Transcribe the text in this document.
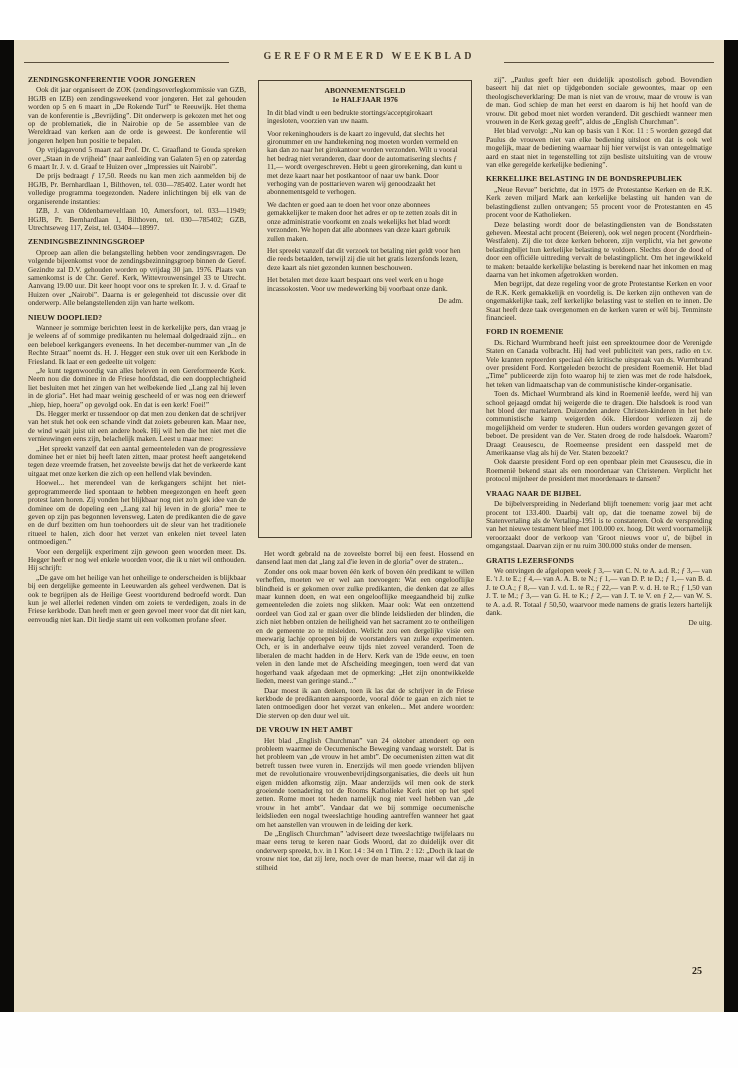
GEREFORMEERD WEEKBLAD
ZENDINGSKONFERENTIE VOOR JONGEREN

Ook dit jaar organiseert de ZOK (zendingsoverlegkommissie van GZB, HGJB en IZB) een zendingsweekend voor jongeren. Het zal gehouden worden op 5 en 6 maart in „De Rokende Turf” te Reeuwijk. Het thema van de konferentie is „Bevrijding”. Dit onderwerp is gekozen met het oog op de problematiek, die in Nairobie op de 5e assemblee van de Wereldraad van kerken aan de orde is geweest. De konferentie wil jongeren helpen hun positie te bepalen.

Op vrijdagavond 5 maart zal Prof. Dr. C. Graafland te Gouda spreken over „Staan in de vrijheid” (naar aanleiding van Galaten 5) en op zaterdag 6 maart Ir. J. v. d. Graaf te Huizen over „Impressies uit Nairobi”.

De prijs bedraagt ƒ 17,50. Reeds nu kan men zich aanmelden bij de HGJB, Pr. Bernhardlaan 1, Bilthoven, tel. 030—785402. Later wordt het volledige programma toegezonden. Nadere inlichtingen bij elk van de organiserende instanties:

IZB, J. van Oldenbarneveltlaan 10, Amersfoort, tel. 033—11949; HGJB, Pr. Bernhardlaan 1, Bilthoven, tel. 030—785402; GZB, Utrechtseweg 117, Zeist, tel. 03404—18997.

ZENDINGSBEZINNINGSGROEP

Oproep aan allen die belangstelling hebben voor zendingsvragen. De volgende bijeenkomst voor de zendingsbezinningsgroep binnen de Geref. Gezindte zal D.V. gehouden worden op vrijdag 30 jan. 1976. Plaats van samenkomst is de Chr. Geref. Kerk, Wittevrouwensingel 33 te Utrecht. Aanvang 19.00 uur. Dit keer hoopt voor ons te spreken Ir. J. v. d. Graaf te Huizen over „Nairobi”. Daarna is er gelegenheid tot discussie over dit onderwerp. Alle belangstellenden zijn van harte welkom.

NIEUW DOOPLIED?

Wanneer je sommige berichten leest in de kerkelijke pers, dan vraag je je weleens af of sommige predikanten nu helemaal dolgedraaid zijn... en een beleboel kerkgangers eveneens. In het december-nummer van „In de Rechte Straat” noemt ds. H. J. Hegger een stuk over uit een Kerkbode in Friesland. Ik laat er een gedeelte uit volgen:

„Je kunt tegenwoordig van alles beleven in een Gereformeerde Kerk. Neem nou die dominee in de Friese hoofdstad, die een doopplechtigheid liet besluiten met het zingen van het welbekende lied „Lang zal hij leven in de gloria”. Het had maar weinig gescheeld of er was nog een driewerf „hiep, hiep, hoera” op gevolgd ook. En dat is een kerk! Foei!”

Ds. Hegger merkt er tussendoor op dat men zou denken dat de schrijver van het stuk het ook een schande vindt dat zoiets gebeuren kan. Maar nee, de wind waait juist uit een andere hoek. Hij wil hen die het niet met die vernieuwingen eens zijn, belachelijk maken. Leest u maar mee:

„Het spreekt vanzelf dat een aantal gemeenteleden van de progressieve dominee het er niet bij heeft laten zitten, maar protest heeft aangetekend tegen deze vreemde fratsen, het zoveelste bewijs dat het de verkeerde kant uitgaat met onze kerken die zich op een hellend vlak bevinden.

Hoewel... het merendeel van de kerkgangers schijnt het niet-geprogrammeerde lied spontaan te hebben meegezongen en heeft geen protest laten horen. Zij vonden het blijkbaar nog niet zo'n gek idee van de dominee om de dopeling een „Lang zal hij leven in de gloria” mee te geven op zijn pas begonnen levensweg. Laten de predikanten die de gave en de durf bezitten om hun toehoorders uit de sleur van het traditionele ritueel te halen, zich door het verzet van enkelen niet teveel laten ontmoedigen.”

Voor een dergelijk experiment zijn gewoon geen woorden meer. Ds. Hegger heeft er nog wel enkele woorden voor, die ik u niet wil onthouden. Hij schrijft:

„De gave om het heilige van het onheilige te onderscheiden is blijkbaar bij een dergelijke gemeente in Leeuwarden als geheel verdwenen. Dat is ook te begrijpen als de Heilige Geest voortdurend bedroefd wordt. Dan kun je wel allerlei redenen vinden om zoiets te verdedigen, zoals in de Friese kerkbode. Dan heeft men er geen gevoel meer voor dat dit niet kan, eenvoudig niet kan. Dit liedje stamt uit een volkomen profane sfeer.

ABONNEMENTSGELD
1e HALFJAAR 1976

In dit blad vindt u een bedrukte stortings/acceptgirokaart ingesloten, voorzien van uw naam.

Voor rekeninghouders is de kaart zo ingevuld, dat slechts het gironummer en uw handtekening nog moeten worden vermeld en kan dan zo naar het girokantoor worden verzonden. Wilt u vooral het bedrag niet veranderen, daar door de automatisering slechts ƒ 11,— wordt overgeschreven. Hebt u geen girorekening, dan kunt u met deze kaart naar het postkantoor of naar uw bank. Door verhoging van de posttarieven waren wij genoodzaakt het abonnementsgeld te verhogen.

We dachten er goed aan te doen het voor onze abonnees gemakkelijker te maken door het adres er op te zetten zoals dit in onze administratie voorkomt en zoals wekelijks het blad wordt verzonden. We hopen dat alle abonnees van deze kaart gebruik zullen maken.

Het spreekt vanzelf dat dit verzoek tot betaling niet geldt voor hen die reeds betaalden, terwijl zij die uit het gratis lezersfonds lezen, deze kaart als niet gezonden kunnen beschouwen.

Het betalen met deze kaart bespaart ons veel werk en u hoge incassokosten. Voor uw medewerking bij voorbaat onze dank.

De adm.

Het wordt gebrald na de zoveelste borrel bij een feest. Hossend en dansend laat men dat „lang zal d'ie leven in de gloria” over de straten...

Zonder ons ook maar boven één kerk of boven één predikant te willen verheffen, moeten we er wel aan toevoegen: Wat een ongelooflijke blindheid is er gekomen over zulke predikanten, die denken dat ze alles maar kunnen doen, en wat een ongelooflijke meegaandheid bij zulke gemeenteleden die zoiets nog slikken. Maar ook: Wat een ontzettend oordeel van God zal er gaan over die blinde leidslieden der blinden, die zich niet hebben ontzien de heiligheid van het sacrament zo te ontheiligen en de gemeente zo te misleiden. Welicht zou een dergelijke visie een meewarig lachje oproepen bij de voorstanders van zulke experimenten. Och, er is in anderhalve eeuw tijds niet zoveel veranderd. Toen de liberalen de macht hadden in de Herv. Kerk van de 19de eeuw, en toen velen in den lande met de Afscheiding meegingen, toen werd dat van hogerhand vaak afgedaan met de opmerking: „Het zijn onontwikkelde lieden, meest van geringe stand...”

Daar moest ik aan denken, toen ik las dat de schrijver in de Friese kerkbode de predikanten aanspoorde, vooral dóór te gaan en zich niet te laten ontmoedigen door het verzet van enkelen... Met andere woorden: Die sterven op den duur wel uit.

DE VROUW IN HET AMBT

Het blad „English Churchman” van 24 oktober attendeert op een probleem waarmee de Oecumenische Beweging vandaag worstelt. Dat is het probleem van „de vrouw in het ambt”. De oecumenisten zitten wat dit betreft tussen twee vuren in. Enerzijds wil men goede vrienden blijven met de revolutionaire vrouwenbevrijdingsorganisaties, die deels uit hun eigen midden afkomstig zijn. Maar anderzijds wil men ook de sterk groeiende toenadering tot de Rooms Katholieke Kerk niet op het spel zetten. Rome moet tot heden namelijk nog niet veel hebben van „de vrouw in het ambt”. Vandaar dat we bij sommige oecumenische leidslieden een nogal tweeslachtige houding aantreffen wanneer het gaat om het aanstellen van vrouwen in de leiding der kerk.

De „Englisch Churchman” 'adviseert deze tweeslachtige twijfelaars nu maar eens terug te keren naar Gods Woord, dat zo duidelijk over dit onderwerp spreekt, b.v. in 1 Kor. 14 : 34 en 1 Tim. 2 : 12: „Doch ik laat de vrouw niet toe, dat zij lere, noch over de man heerse, maar wil dat zij in stilheid

zij”. „Paulus geeft hier een duidelijk apostolisch gebod. Bovendien baseert hij dat niet op tijdgebonden sociale gewoontes, maar op een theologischeverklaring: De man is niet van de vrouw, maar de vrouw is van de man. God schiep de man het eerst en daarom is hij het hoofd van de vrouw. Dit gebod moet niet worden veranderd. Dit geschiedt wanneer men vrouwen in de Kerk gezag geeft”, aldus de „English Churchman”.

Het blad vervolgt: „Nu kan op basis van 1 Kor. 11 : 5 worden gezegd dat Paulus de vrouwen niet van elke bediening uitsloot en dat is ook wel mogelijk, maar de bediening waarnaar hij hier verwijst is van ontegelmatige aard en staat niet in tegenstelling tot zijn besliste uitsluiting van de vrouw van elke geregelde kerkelijke bediening”.

KERKELIJKE BELASTING IN DE BONDSREPUBLIEK

„Neue Revue” berichtte, dat in 1975 de Protestantse Kerken en de R.K. Kerk zeven miljard Mark aan kerkelijke belasting uit handen van de belastingdienst zullen ontvangen; 55 procent voor de Protestanten en 45 procent voor de Katholieken.

Deze belasting wordt door de belastingdiensten van de Bondsstaten geheven. Meestal acht procent (Beieren), ook wel negen procent (Nordrhein-Westfalen). Zij die tot deze kerken behoren, zijn verplicht, via het gewone belastingbiljet hun kerkelijke belasting te voldoen. Slechts door de dood of door een officiële uittreding vervalt de belastingplicht. Om het ingewikkeld te maken: betaalde kerkelijke belasting is berekend naar het inkomen en mag daarna van het inkomen afgetrokken worden.

Men begrijpt, dat deze regeling voor de grote Protestantse Kerken en voor de R.K. Kerk gemakkelijk en voordelig is. De kerken zijn ontheven van de ongemakkelijke taak, zelf kerkelijke belasting vast te stellen en te innen. De Staat heeft deze taak overgenomen en de kerken varen er wèl bij. Tenminste financieel.

FORD IN ROEMENIE

Ds. Richard Wurmbrand heeft juist een spreektournee door de Verenigde Staten en Canada volbracht. Hij had veel publiciteit van pers, radio en t.v. Vele kranten repteerden speciaal één kritische uitspraak van ds. Wurmbrand over president Ford. Kortgeleden bezocht de president Roemenië. Het blad „Time” publiceerde zijn foto waarop hij te zien was met de rode halsdoek, het teken van lidmaatschap van de communistische kinder-organisatie.

Toen ds. Michael Wurmbrand als kind in Roemenië leefde, werd hij van school gejaagd omdat hij weigerde die te dragen. Die halsdoek is rood van het bloed der martelaren. Duizenden andere Christen-kinderen in het hele communistische kamp weigerden óók. Hierdoor verliezen zij de mogelijkheid om verder te studeren. Hun ouders worden gevangen gezet of beboet. De president van de Ver. Staten droeg de rode halsdoek. Waarom? Draagt Ceausescu, de Roemeense president een dasspeld met de Amerikaanse vlag als hij de Ver. Staten bezoekt?

Ook daarste president Ford op een openbaar plein met Ceausescu, die in Roemenië bekend staat als een moordenaar van Christenen. Verplicht het protocol mijnheer de president met moordenaars te dansen?

VRAAG NAAR DE BIJBEL

De bijbelverspreiding in Nederland blijft toenemen: vorig jaar met acht procent tot 133.400. Daarbij valt op, dat die toename zowel bij de Statenvertaling als de Vertaling-1951 is te constateren. Ook de verspreiding van het nieuwe testament bleef met 100.000 ex. hoog. Dit werd voornamelijk veroorzaakt door de verkoop van 'Groot nieuws voor u', de bijbel in omgangstaal. Daarvan zijn er nu ruim 300.000 stuks onder de mensen.

GRATIS LEZERSFONDS

We ontvingen de afgelopen week ƒ 3,— van C. N. te A. a.d. R.; ƒ 3,— van E. 't J. te E.; ƒ 4,— van A. A. B. te N.; ƒ 1,— van D. P. te D.; ƒ 1,— van B. d. J. te O.A.; ƒ 8,— van J. v.d. L. te R.; ƒ 22,— van P. v. d. H. te R.; ƒ 1,50 van J. T. te M.; ƒ 3,— van G. H. te K.; ƒ 2,— van J. T. te V. en ƒ 2,— van W. S. te A. a.d. R. Totaal ƒ 50,50, waarvoor mede namens de gratis lezers hartelijk dank.

De uitg.
25
